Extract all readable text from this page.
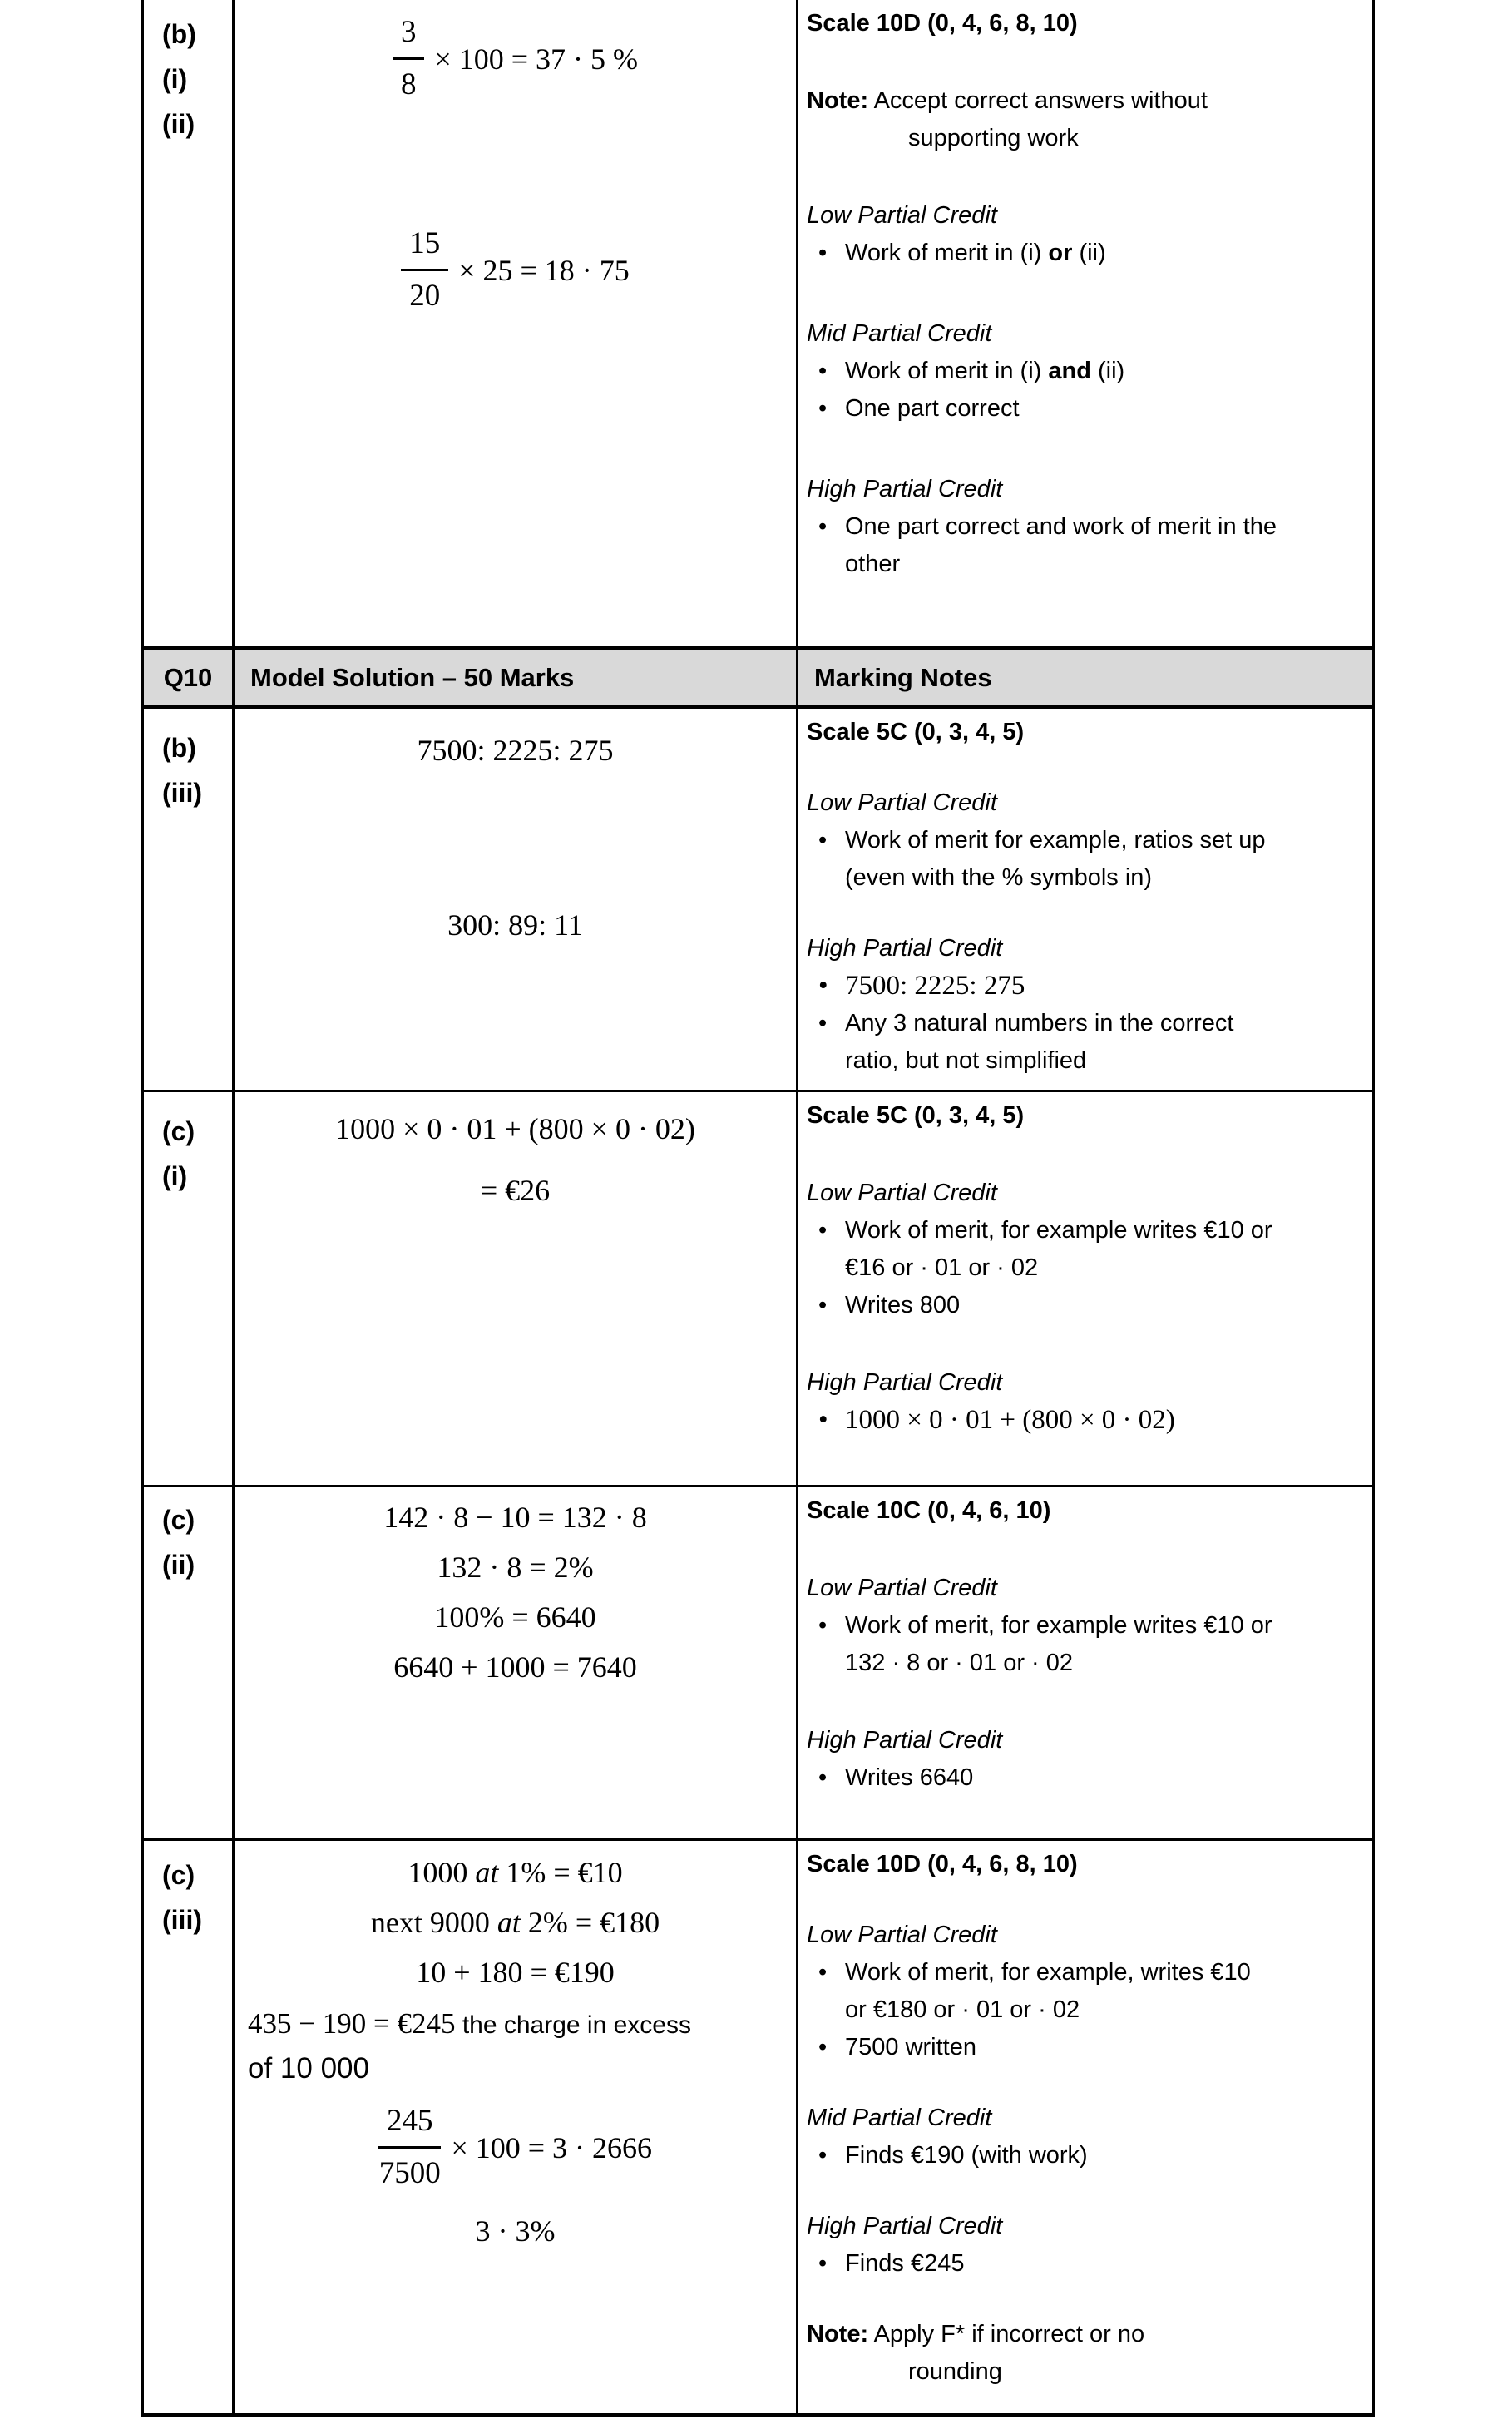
(b)
(i)
(ii)
$\frac{3}{8} \times 100 = 37 \cdot 5$ %
$\frac{15}{20} \times 25 = 18 \cdot 75$
Scale 10D (0, 4, 6, 8, 10)
Note: Accept correct answers without
supporting work
Low Partial Credit
• Work of merit in (i) or (ii)
Mid Partial Credit
• Work of merit in (i) and (ii)
• One part correct
High Partial Credit
• One part correct and work of merit in the
other
Q10	Model Solution – 50 Marks	Marking Notes
(b)
(iii)
7500: 2225: 275
300: 89: 11
Scale 5C (0, 3, 4, 5)
Low Partial Credit
• Work of merit for example, ratios set up
(even with the % symbols in)
High Partial Credit
• 7500: 2225: 275
• Any 3 natural numbers in the correct
ratio, but not simplified
(c)
(i)
1000 × 0 · 01 + (800 × 0 · 02)
= €26
Scale 5C (0, 3, 4, 5)
Low Partial Credit
• Work of merit, for example writes €10 or
€16 or · 01 or · 02
• Writes 800
High Partial Credit
• 1000 × 0 · 01 + (800 × 0 · 02)
(c)
(ii)
142 · 8 − 10 = 132 · 8
132 · 8 = 2%
100% = 6640
6640 + 1000 = 7640
Scale 10C (0, 4, 6, 10)
Low Partial Credit
• Work of merit, for example writes €10 or
132 · 8 or · 01 or · 02
High Partial Credit
• Writes 6640
(c)
(iii)
1000 at 1% = €10
next 9000 at 2% = €180
10 + 180 = €190
435 − 190 = €245 the charge in excess
of 10 000
$\frac{245}{7500} \times 100 = 3 \cdot 2666$
3 · 3%
Scale 10D (0, 4, 6, 8, 10)
Low Partial Credit
• Work of merit, for example, writes €10
or €180 or · 01 or · 02
• 7500 written
Mid Partial Credit
• Finds €190 (with work)
High Partial Credit
• Finds €245
Note: Apply F* if incorrect or no
rounding
